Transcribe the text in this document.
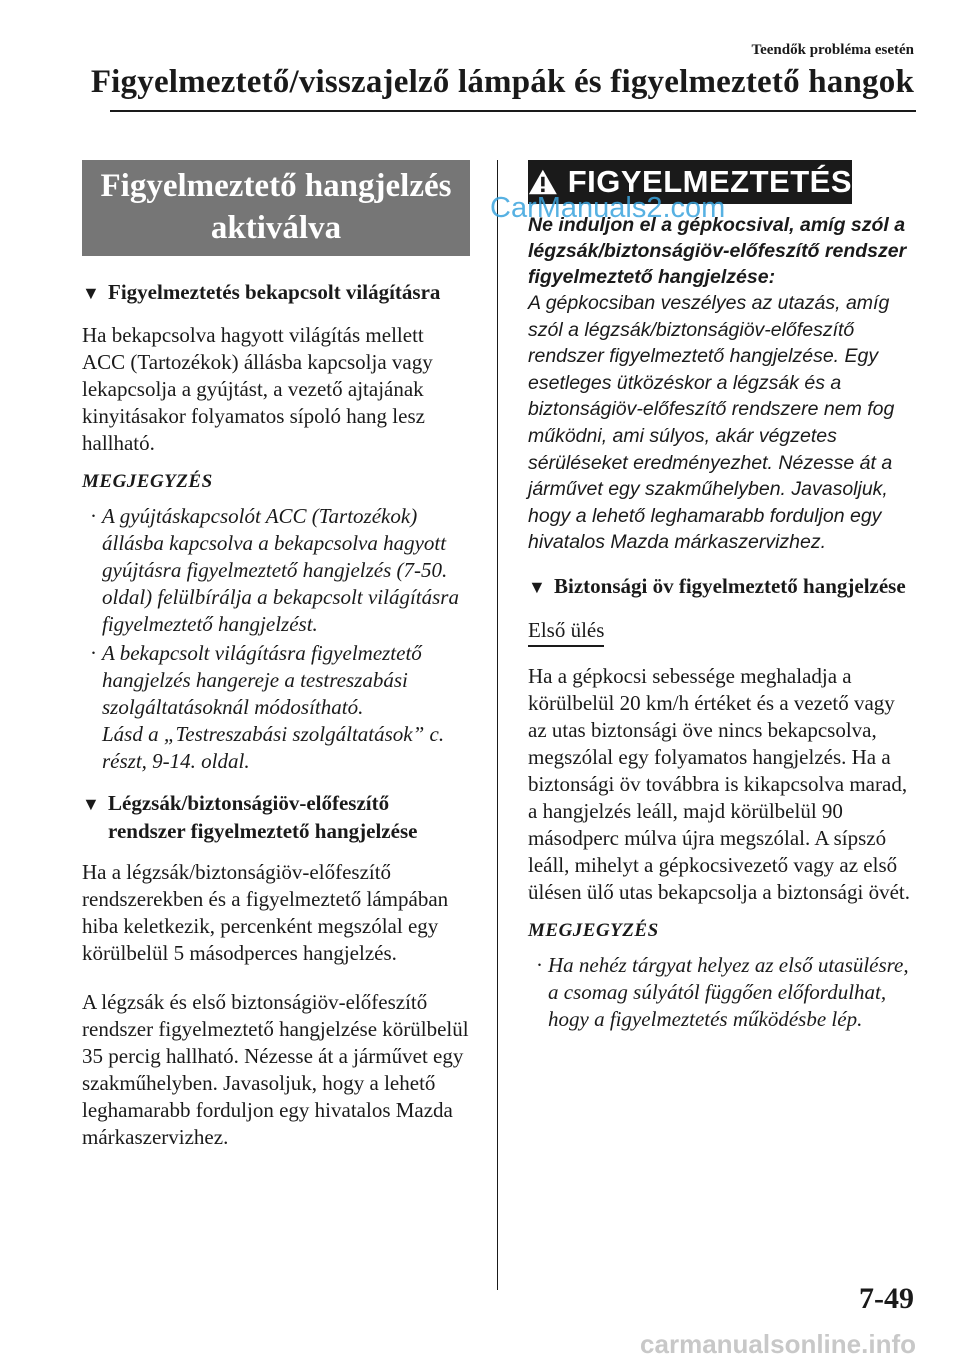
Teendők probléma esetén
Figyelmeztető/visszajelző lámpák és figyelmeztető hangok
Figyelmeztető hangjelzés aktiválva
▼ Figyelmeztetés bekapcsolt világításra

Ha bekapcsolva hagyott világítás mellett ACC (Tartozékok) állásba kapcsolja vagy lekapcsolja a gyújtást, a vezető ajtajának kinyitásakor folyamatos sípoló hang lesz hallható.

MEGJEGYZÉS
· A gyújtáskapcsolót ACC (Tartozékok) állásba kapcsolva a bekapcsolva hagyott gyújtásra figyelmeztető hangjelzés (7-50. oldal) felülbírálja a bekapcsolt világításra figyelmeztető hangjelzést.
· A bekapcsolt világításra figyelmeztető hangjelzés hangereje a testreszabási szolgáltatásoknál módosítható.
Lásd a „Testreszabási szolgáltatások” c. részt, 9-14. oldal.
▼ Légzsák/biztonságiöv-előfeszítő rendszer figyelmeztető hangjelzése

Ha a légzsák/biztonságiöv-előfeszítő rendszerekben és a figyelmeztető lámpában hiba keletkezik, percenként megszólal egy körülbelül 5 másodperces hangjelzés.

A légzsák és első biztonságiöv-előfeszítő rendszer figyelmeztető hangjelzése körülbelül 35 percig hallható. Nézesse át a járművet egy szakműhelyben. Javasoljuk, hogy a lehető leghamarabb forduljon egy hivatalos Mazda márkaszervizhez.

FIGYELMEZTETÉS

Ne induljon el a gépkocsival, amíg szól a légzsák/biztonságiöv-előfeszítő rendszer figyelmeztető hangjelzése:

A gépkocsiban veszélyes az utazás, amíg szól a légzsák/biztonságiöv-előfeszítő rendszer figyelmeztető hangjelzése. Egy esetleges ütközéskor a légzsák és a biztonságiöv-előfeszítő rendszere nem fog működni, ami súlyos, akár végzetes sérüléseket eredményezhet. Nézesse át a járművet egy szakműhelyben. Javasoljuk, hogy a lehető leghamarabb forduljon egy hivatalos Mazda márkaszervizhez.

▼ Biztonsági öv figyelmeztető hangjelzése
Első ülés

Ha a gépkocsi sebessége meghaladja a körülbelül 20 km/h értéket és a vezető vagy az utas biztonsági öve nincs bekapcsolva, megszólal egy folyamatos hangjelzés. Ha a biztonsági öv továbbra is kikapcsolva marad, a hangjelzés leáll, majd körülbelül 90 másodperc múlva újra megszólal. A sípszó leáll, mihelyt a gépkocsivezető vagy az első ülésen ülő utas bekapcsolja a biztonsági övét.

MEGJEGYZÉS
· Ha nehéz tárgyat helyez az első utasülésre, a csomag súlyától függően előfordulhat, hogy a figyelmeztetés működésbe lép.
CarManuals2.com
7-49
carmanualsonline.info
